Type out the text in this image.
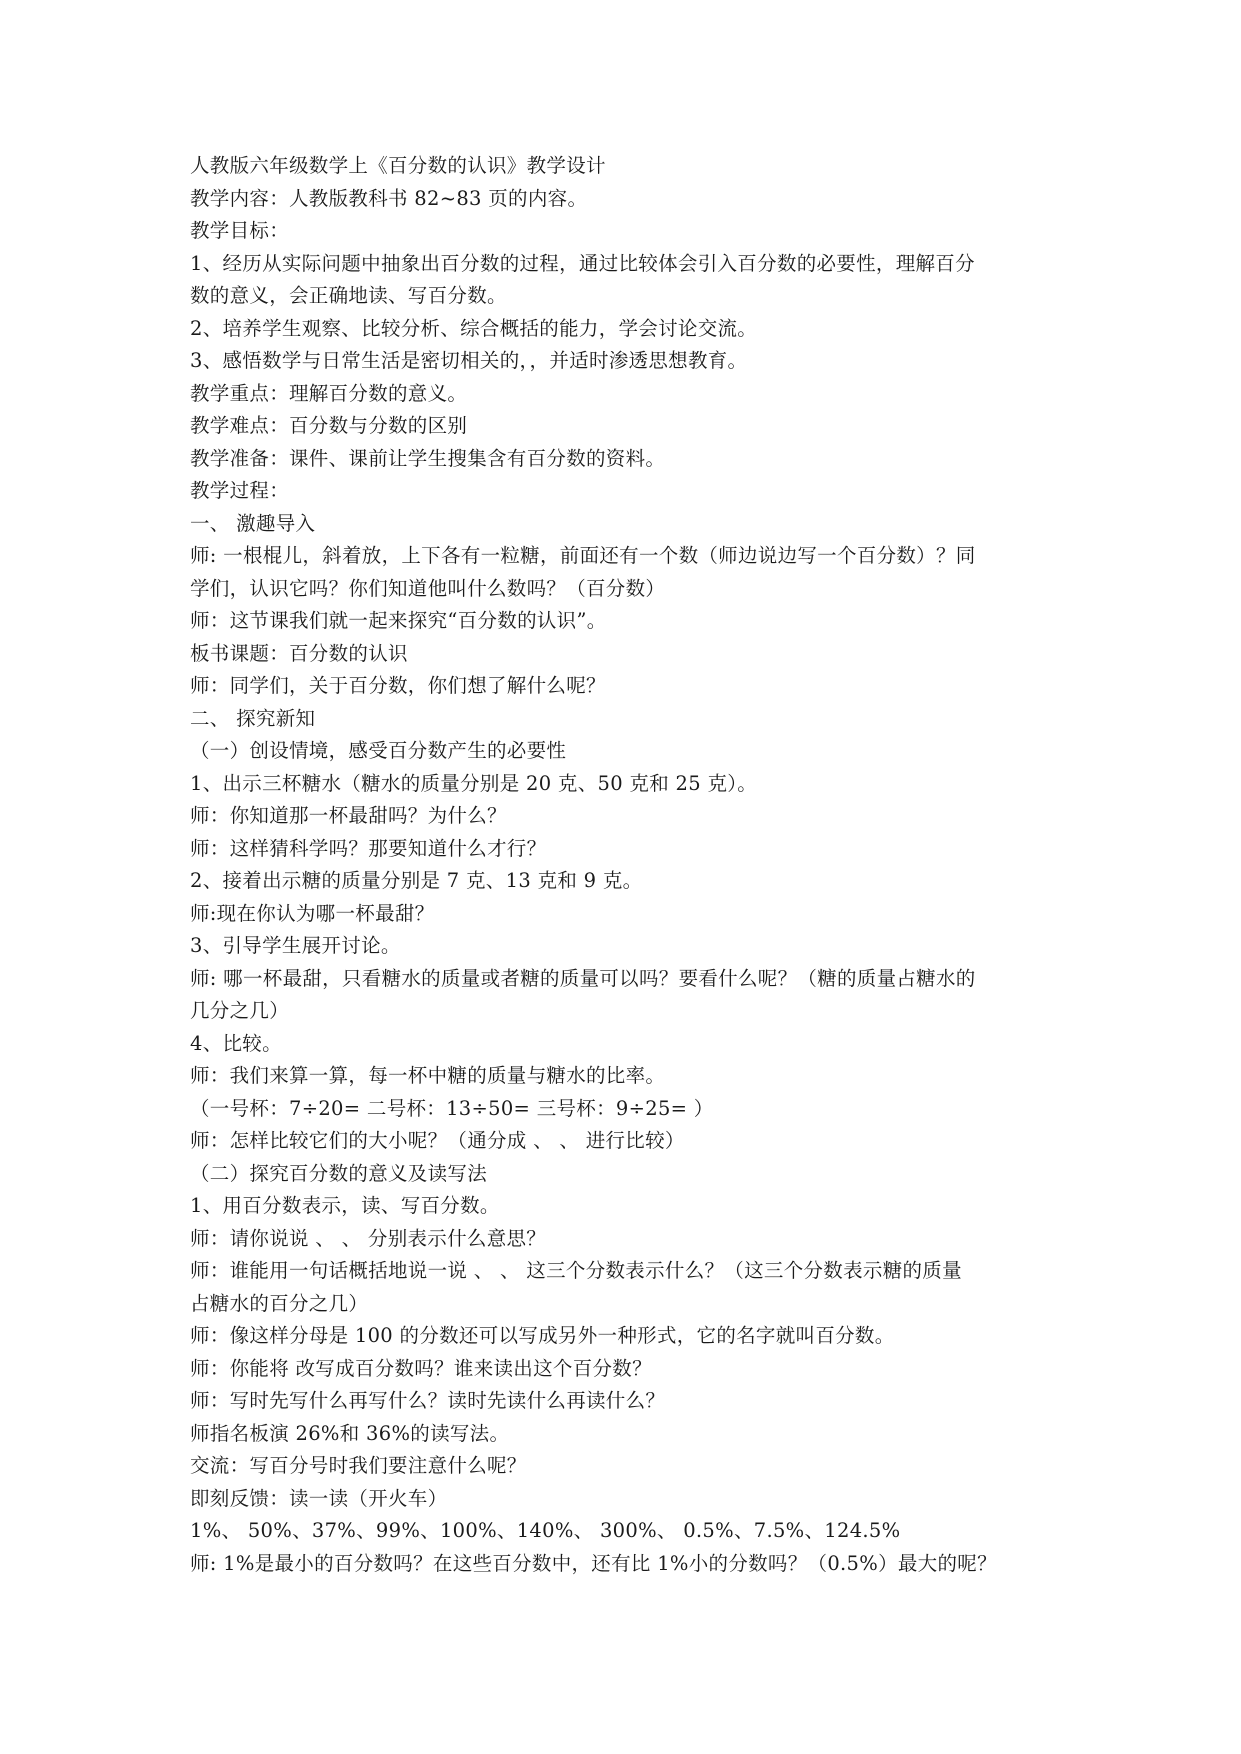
人教版六年级数学上《百分数的认识》教学设计
教学内容：人教版教科书 82~83 页的内容。
教学目标：
1、经历从实际问题中抽象出百分数的过程，通过比较体会引入百分数的必要性，理解百分
数的意义，会正确地读、写百分数。
2、培养学生观察、比较分析、综合概括的能力，学会讨论交流。
3、感悟数学与日常生活是密切相关的，，并适时渗透思想教育。
教学重点：理解百分数的意义。
教学难点：百分数与分数的区别
教学准备：课件、课前让学生搜集含有百分数的资料。
教学过程：
一、 激趣导入
师: 一根棍儿，斜着放，上下各有一粒糖，前面还有一个数（师边说边写一个百分数）？同
学们，认识它吗？你们知道他叫什么数吗？（百分数）
师：这节课我们就一起来探究“百分数的认识”。
板书课题：百分数的认识
师：同学们，关于百分数，你们想了解什么呢？
二、 探究新知
（一）创设情境，感受百分数产生的必要性
1、出示三杯糖水（糖水的质量分别是 20 克、50 克和 25 克）。
师：你知道那一杯最甜吗？为什么？
师：这样猜科学吗？那要知道什么才行？
2、接着出示糖的质量分别是 7 克、13 克和 9 克。
师:现在你认为哪一杯最甜？
3、引导学生展开讨论。
师: 哪一杯最甜，只看糖水的质量或者糖的质量可以吗？要看什么呢？（糖的质量占糖水的
几分之几）
4、比较。
师：我们来算一算，每一杯中糖的质量与糖水的比率。
（一号杯：7÷20= 二号杯：13÷50= 三号杯：9÷25= ）
师：怎样比较它们的大小呢？（通分成 、 、 进行比较）
（二）探究百分数的意义及读写法
1、用百分数表示，读、写百分数。
师：请你说说 、 、 分别表示什么意思？
师：谁能用一句话概括地说一说 、 、 这三个分数表示什么？（这三个分数表示糖的质量
占糖水的百分之几）
师：像这样分母是 100 的分数还可以写成另外一种形式，它的名字就叫百分数。
师：你能将 改写成百分数吗？谁来读出这个百分数？
师：写时先写什么再写什么？读时先读什么再读什么？
师指名板演 26%和 36%的读写法。
交流：写百分号时我们要注意什么呢？
即刻反馈：读一读（开火车）
1%、 50%、37%、99%、100%、140%、 300%、 0.5%、7.5%、124.5%
师: 1%是最小的百分数吗？在这些百分数中，还有比 1%小的分数吗？（0.5%）最大的呢？
